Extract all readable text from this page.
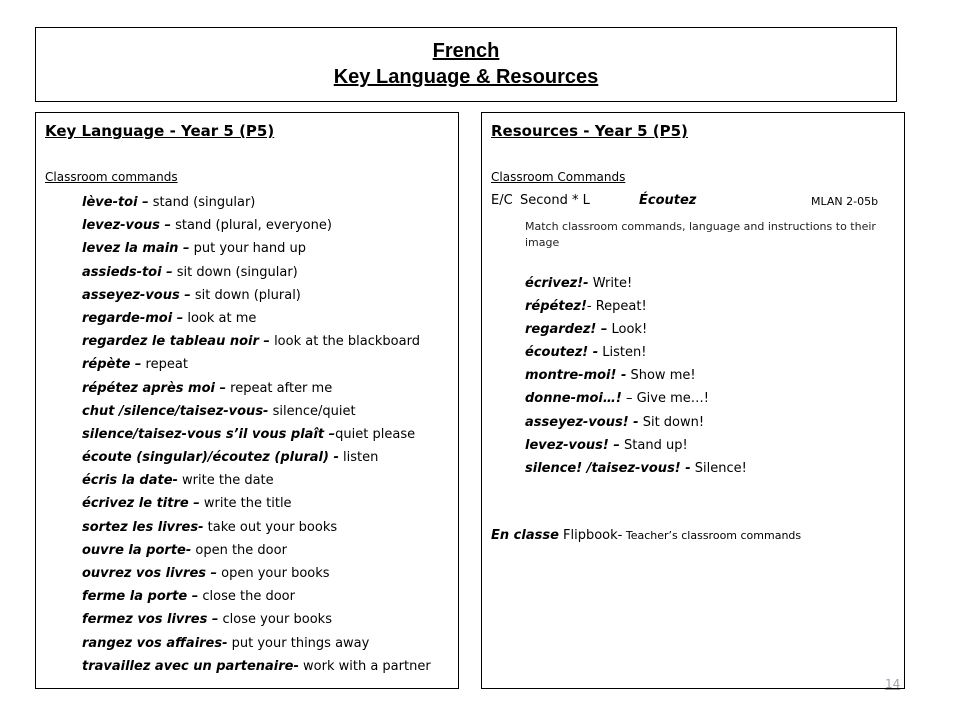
French
Key Language & Resources
Key Language - Year 5 (P5)
Classroom commands
lève-toi – stand (singular)
levez-vous – stand (plural, everyone)
levez la main – put your hand up
assieds-toi – sit down (singular)
asseyez-vous – sit down (plural)
regarde-moi – look at me
regardez le tableau noir – look at the blackboard
répète – repeat
répétez après moi – repeat after me
chut /silence/taisez-vous- silence/quiet
silence/taisez-vous s’il vous plaît –quiet please
écoute (singular)/écoutez (plural) - listen
écris la date- write the date
écrivez le titre – write the title
sortez les livres- take out your books
ouvre la porte- open the door
ouvrez vos livres – open your books
ferme la porte – close the door
fermez vos livres – close your books
rangez vos affaires- put your things away
travaillez avec un partenaire- work with a partner
Resources - Year 5 (P5)
Classroom Commands
E/C Second * L	Écoutez	MLAN 2-05b
Match classroom commands, language and instructions to their image
écrivez!- Write!
répétez!- Repeat!
regardez! – Look!
écoutez! - Listen!
montre-moi! - Show me!
donne-moi…! – Give me…!
asseyez-vous! - Sit down!
levez-vous! – Stand up!
silence! /taisez-vous! - Silence!
En classe Flipbook- Teacher’s classroom commands
14
